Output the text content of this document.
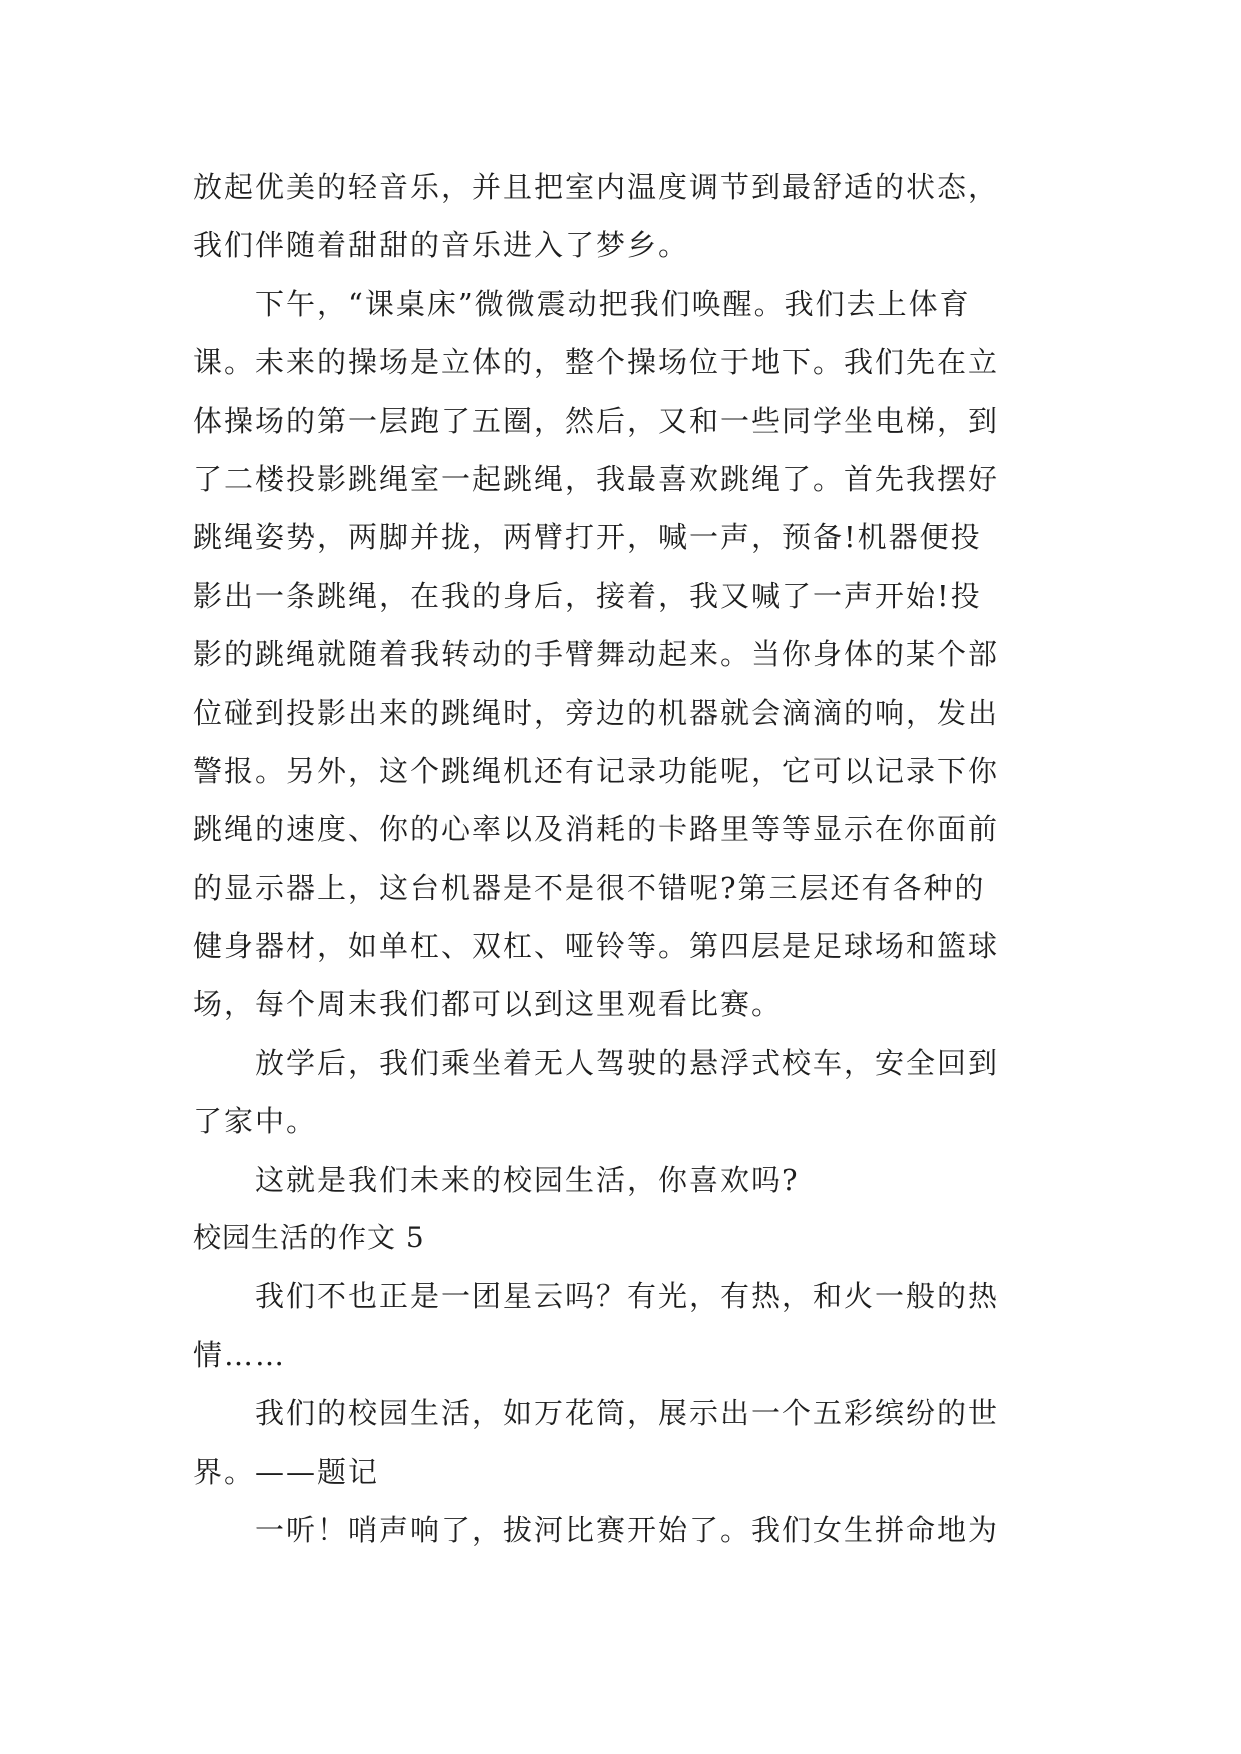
放起优美的轻音乐，并且把室内温度调节到最舒适的状态，
我们伴随着甜甜的音乐进入了梦乡。
下午，“课桌床”微微震动把我们唤醒。我们去上体育
课。未来的操场是立体的，整个操场位于地下。我们先在立
体操场的第一层跑了五圈，然后，又和一些同学坐电梯，到
了二楼投影跳绳室一起跳绳，我最喜欢跳绳了。首先我摆好
跳绳姿势，两脚并拢，两臂打开，喊一声，预备!机器便投
影出一条跳绳，在我的身后，接着，我又喊了一声开始!投
影的跳绳就随着我转动的手臂舞动起来。当你身体的某个部
位碰到投影出来的跳绳时，旁边的机器就会滴滴的响，发出
警报。另外，这个跳绳机还有记录功能呢，它可以记录下你
跳绳的速度、你的心率以及消耗的卡路里等等显示在你面前
的显示器上，这台机器是不是很不错呢?第三层还有各种的
健身器材，如单杠、双杠、哑铃等。第四层是足球场和篮球
场，每个周末我们都可以到这里观看比赛。
放学后，我们乘坐着无人驾驶的悬浮式校车，安全回到
了家中。
这就是我们未来的校园生活，你喜欢吗?
校园生活的作文 5
我们不也正是一团星云吗？有光，有热，和火一般的热
情……
我们的校园生活，如万花筒，展示出一个五彩缤纷的世
界。——题记
一听！哨声响了，拔河比赛开始了。我们女生拼命地为
